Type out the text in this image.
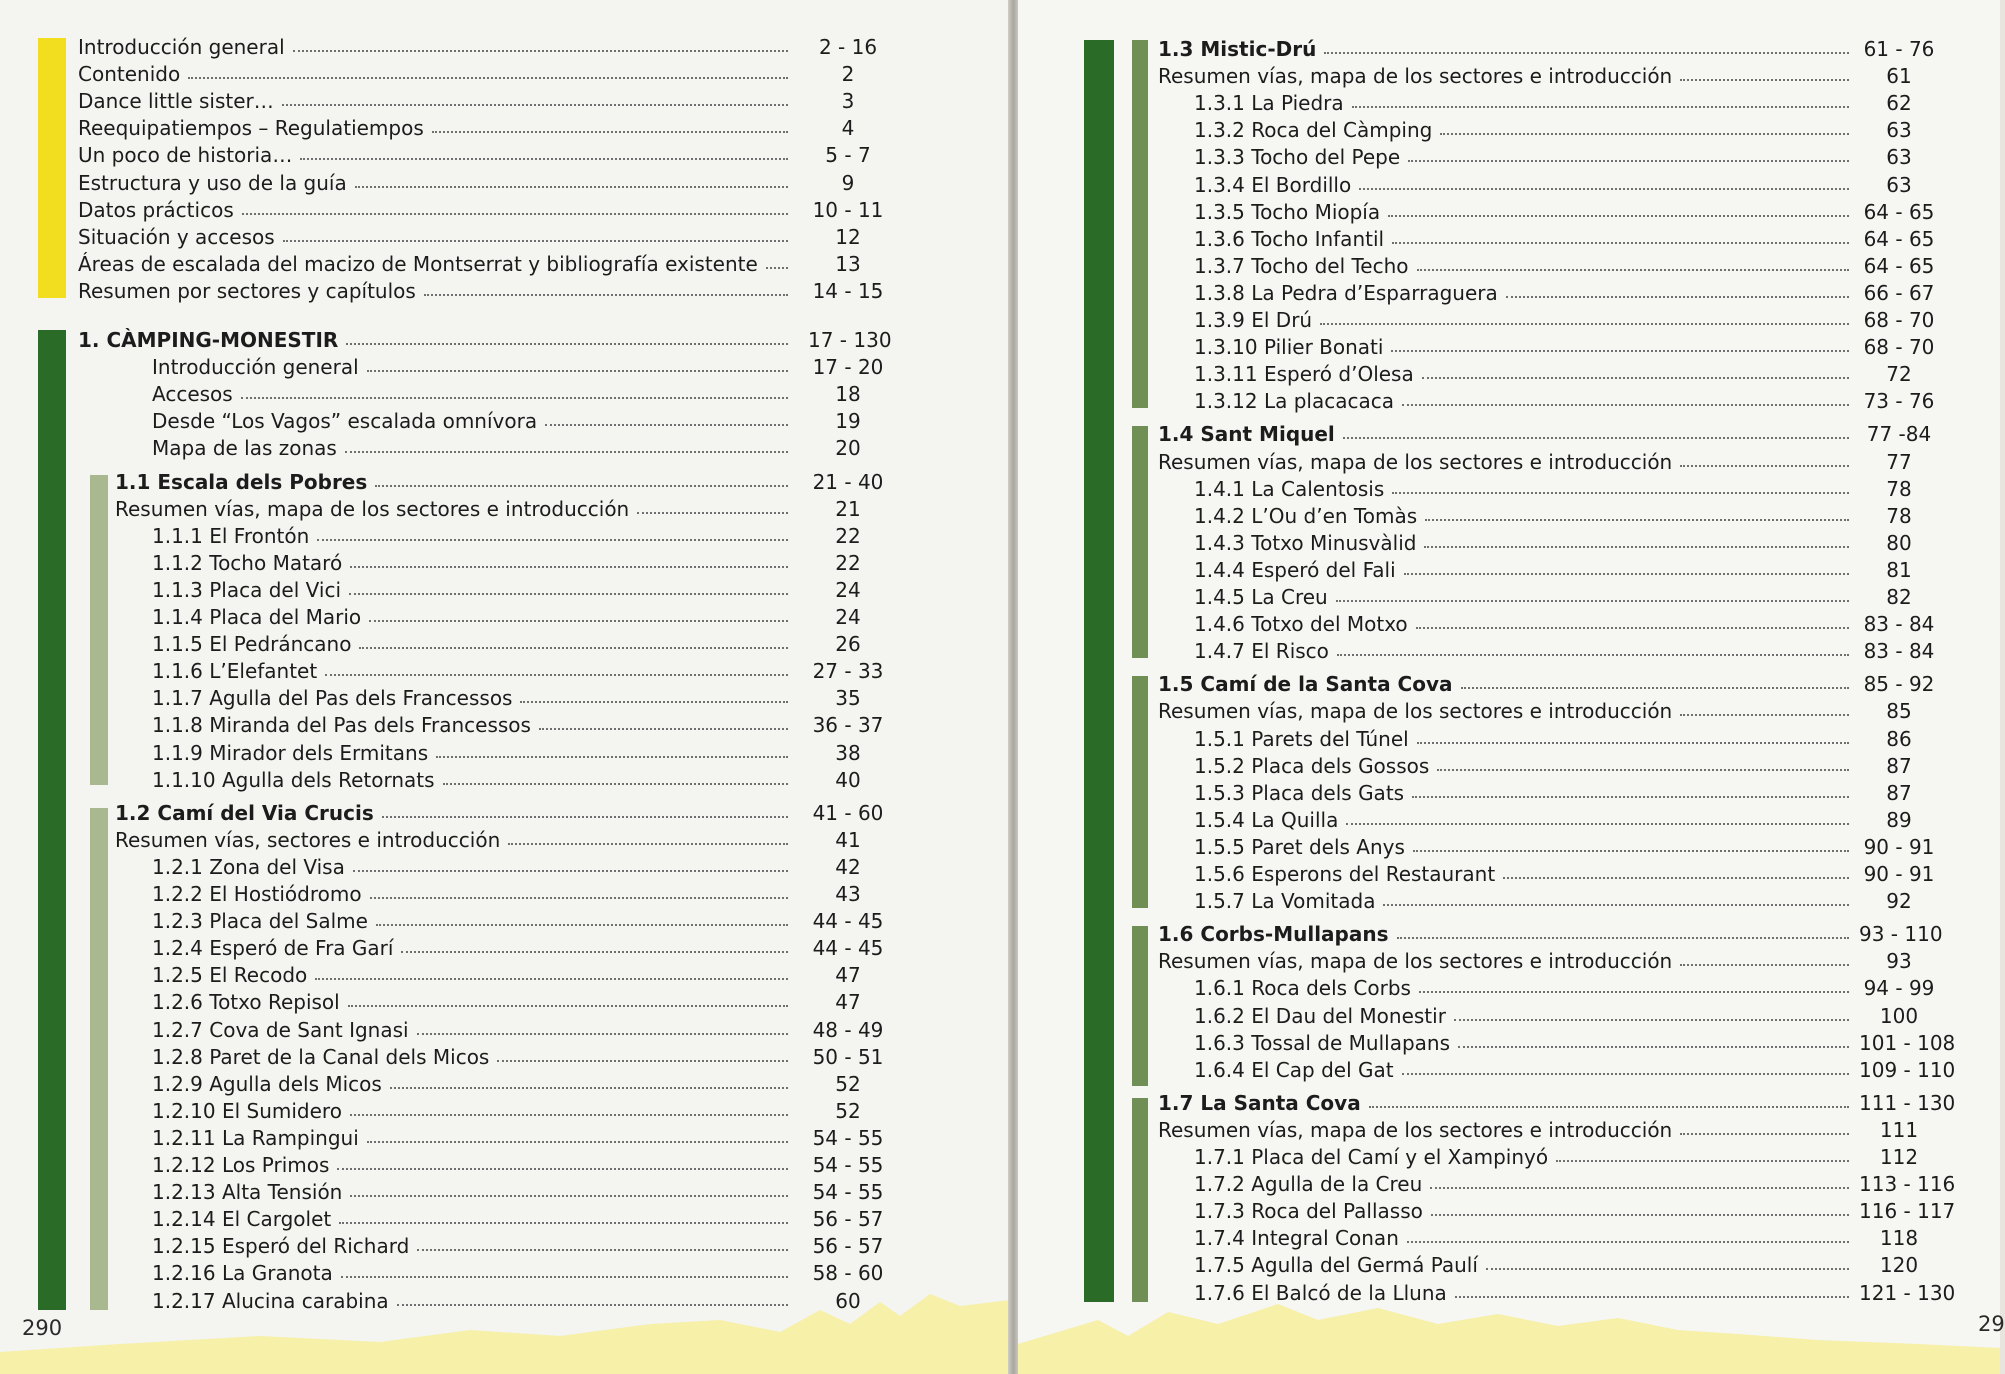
Introducción general	2 - 16
Contenido	2
Dance little sister…	3
Reequipatiempos – Regulatiempos	4
Un poco de historia…	5 - 7
Estructura y uso de la guía	9
Datos prácticos	10 - 11
Situación y accesos	12
Áreas de escalada del macizo de Montserrat y bibliografía existente	13
Resumen por sectores y capítulos	14 - 15
1. CÀMPING-MONESTIR	17 - 130
Introducción general	17 - 20
Accesos	18
Desde “Los Vagos” escalada omnívora	19
Mapa de las zonas	20
1.1 Escala dels Pobres	21 - 40
Resumen vías, mapa de los sectores e introducción	21
1.1.1 El Frontón	22
1.1.2 Tocho Mataró	22
1.1.3 Placa del Vici	24
1.1.4 Placa del Mario	24
1.1.5 El Pedráncano	26
1.1.6 L’Elefantet	27 - 33
1.1.7 Agulla del Pas dels Francessos	35
1.1.8 Miranda del Pas dels Francessos	36 - 37
1.1.9 Mirador dels Ermitans	38
1.1.10 Agulla dels Retornats	40
1.2 Camí del Via Crucis	41 - 60
Resumen vías, sectores e introducción	41
1.2.1 Zona del Visa	42
1.2.2 El Hostiódromo	43
1.2.3 Placa del Salme	44 - 45
1.2.4 Esperó de Fra Garí	44 - 45
1.2.5 El Recodo	47
1.2.6 Totxo Repisol	47
1.2.7 Cova de Sant Ignasi	48 - 49
1.2.8 Paret de la Canal dels Micos	50 - 51
1.2.9 Agulla dels Micos	52
1.2.10 El Sumidero	52
1.2.11 La Rampingui	54 - 55
1.2.12 Los Primos	54 - 55
1.2.13 Alta Tensión	54 - 55
1.2.14 El Cargolet	56 - 57
1.2.15 Esperó del Richard	56 - 57
1.2.16 La Granota	58 - 60
1.2.17 Alucina carabina	60
290
1.3 Mistic-Drú	61 - 76
Resumen vías, mapa de los sectores e introducción	61
1.3.1 La Piedra	62
1.3.2 Roca del Càmping	63
1.3.3 Tocho del Pepe	63
1.3.4 El Bordillo	63
1.3.5 Tocho Miopía	64 - 65
1.3.6 Tocho Infantil	64 - 65
1.3.7 Tocho del Techo	64 - 65
1.3.8 La Pedra d’Esparraguera	66 - 67
1.3.9 El Drú	68 - 70
1.3.10 Pilier Bonati	68 - 70
1.3.11 Esperó d’Olesa	72
1.3.12 La placacaca	73 - 76
1.4 Sant Miquel	77 -84
Resumen vías, mapa de los sectores e introducción	77
1.4.1 La Calentosis	78
1.4.2 L’Ou d’en Tomàs	78
1.4.3 Totxo Minusvàlid	80
1.4.4 Esperó del Fali	81
1.4.5 La Creu	82
1.4.6 Totxo del Motxo	83 - 84
1.4.7 El Risco	83 - 84
1.5 Camí de la Santa Cova	85 - 92
Resumen vías, mapa de los sectores e introducción	85
1.5.1 Parets del Túnel	86
1.5.2 Placa dels Gossos	87
1.5.3 Placa dels Gats	87
1.5.4 La Quilla	89
1.5.5 Paret dels Anys	90 - 91
1.5.6 Esperons del Restaurant	90 - 91
1.5.7 La Vomitada	92
1.6 Corbs-Mullapans	93 - 110
Resumen vías, mapa de los sectores e introducción	93
1.6.1 Roca dels Corbs	94 - 99
1.6.2 El Dau del Monestir	100
1.6.3 Tossal de Mullapans	101 - 108
1.6.4 El Cap del Gat	109 - 110
1.7 La Santa Cova	111 - 130
Resumen vías, mapa de los sectores e introducción	111
1.7.1 Placa del Camí y el Xampinyó	112
1.7.2 Agulla de la Creu	113 - 116
1.7.3 Roca del Pallasso	116 - 117
1.7.4 Integral Conan	118
1.7.5 Agulla del Germá Paulí	120
1.7.6 El Balcó de la Lluna	121 - 130
29
